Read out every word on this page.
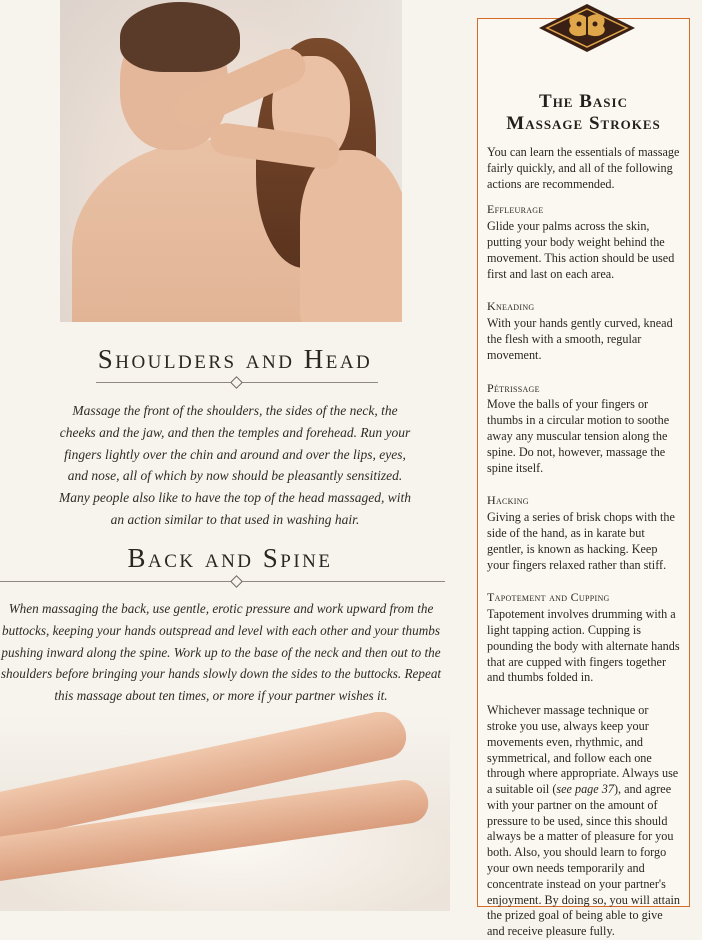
Shoulders and Head

Massage the front of the shoulders, the sides of the neck, the cheeks and the jaw, and then the temples and forehead. Run your fingers lightly over the chin and around and over the lips, eyes, and nose, all of which by now should be pleasantly sensitized. Many people also like to have the top of the head massaged, with an action similar to that used in washing hair.

Back and Spine

When massaging the back, use gentle, erotic pressure and work upward from the buttocks, keeping your hands outspread and level with each other and your thumbs pushing inward along the spine. Work up to the base of the neck and then out to the shoulders before bringing your hands slowly down the sides to the buttocks. Repeat this massage about ten times, or more if your partner wishes it.

The Basic
Massage Strokes

You can learn the essentials of massage fairly quickly, and all of the following actions are recommended.

Effleurage
Glide your palms across the skin, putting your body weight behind the movement. This action should be used first and last on each area.
Kneading
With your hands gently curved, knead the flesh with a smooth, regular movement.
Pétrissage
Move the balls of your fingers or thumbs in a circular motion to soothe away any muscular tension along the spine. Do not, however, massage the spine itself.
Hacking
Giving a series of brisk chops with the side of the hand, as in karate but gentler, is known as hacking. Keep your fingers relaxed rather than stiff.
Tapotement and Cupping
Tapotement involves drumming with a light tapping action. Cupping is pounding the body with alternate hands that are cupped with fingers together and thumbs folded in.

Whichever massage technique or stroke you use, always keep your movements even, rhythmic, and symmetrical, and follow each one through where appropriate. Always use a suitable oil (see page 37), and agree with your partner on the amount of pressure to be used, since this should always be a matter of pleasure for you both. Also, you should learn to forgo your own needs temporarily and concentrate instead on your partner's enjoyment. By doing so, you will attain the prized goal of being able to give and receive pleasure fully.
